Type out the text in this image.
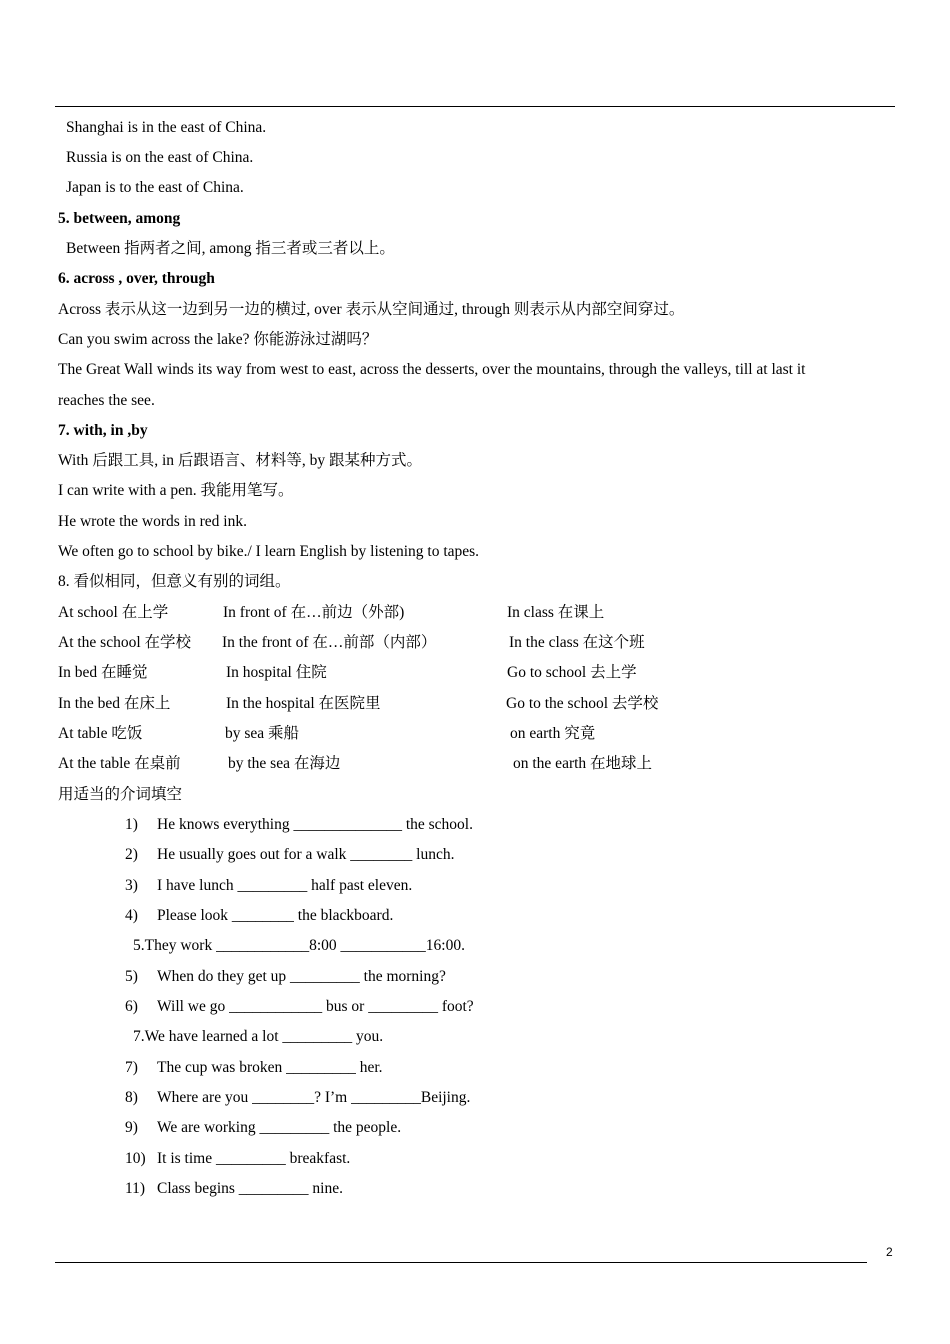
Shanghai is in the east of China.
Russia is on the east of China.
Japan is to the east of China.
5. between, among
Between 指两者之间, among 指三者或三者以上。
6. across , over, through
Across 表示从这一边到另一边的横过, over 表示从空间通过, through 则表示从内部空间穿过。
Can you swim across the lake? 你能游泳过湖吗？
The Great Wall winds its way from west to east, across the desserts, over the mountains, through the valleys, till at last it
reaches the see.
7. with, in ,by
With 后跟工具, in 后跟语言、材料等, by 跟某种方式。
I can write with a pen. 我能用笔写。
He wrote the words in red ink.
We often go to school by bike./ I learn English by listening to tapes.
8. 看似相同，但意义有别的词组。
At school 在上学	In front of 在…前边（外部)	In class 在课上
At the school 在学校 In the front of 在…前部（内部）	In the class 在这个班
In bed 在睡觉	In hospital 住院	Go to school 去上学
In the bed 在床上	In the hospital 在医院里	Go to the school 去学校
At table 吃饭	by sea 乘船	on earth 究竟
At the table 在桌前	by the sea 在海边	on the earth 在地球上
用适当的介词填空
1) He knows everything ______________ the school.
2) He usually goes out for a walk ________ lunch.
3) I have lunch _________ half past eleven.
4) Please look ________ the blackboard.
5.They work ____________8:00 ___________16:00.
5) When do they get up _________ the morning?
6) Will we go ____________ bus or _________ foot?
7.We have learned a lot _________ you.
7) The cup was broken _________ her.
8) Where are you ________? I’m _________Beijing.
9) We are working _________ the people.
10) It is time _________ breakfast.
11) Class begins _________ nine.
2
